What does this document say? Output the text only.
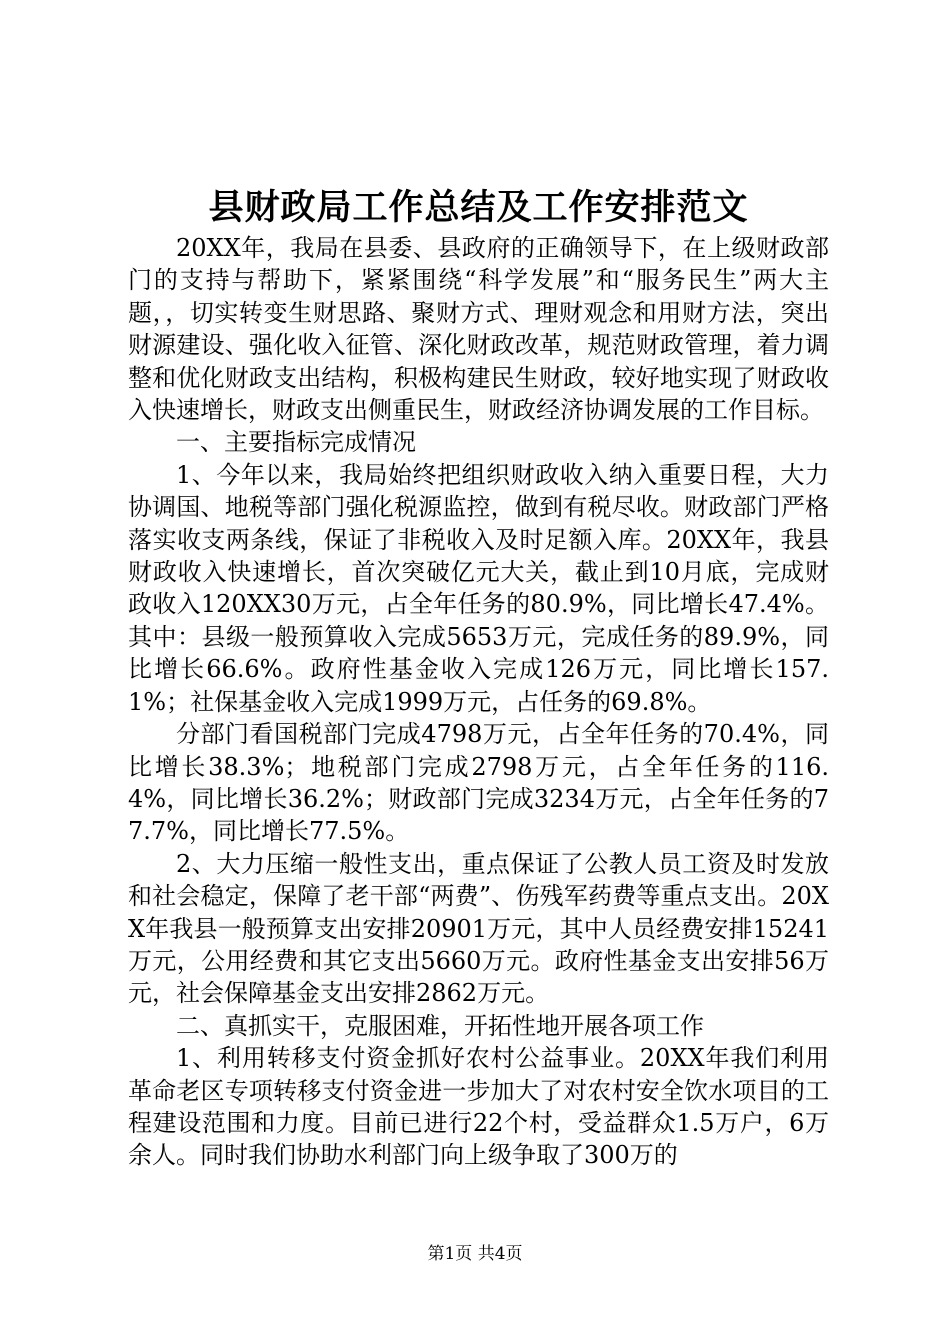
县财政局工作总结及工作安排范文

20XX年，我局在县委、县政府的正确领导下，在上级财政部门的支持与帮助下，紧紧围绕“科学发展”和“服务民生”两大主题，，切实转变生财思路、聚财方式、理财观念和用财方法，突出财源建设、强化收入征管、深化财政改革，规范财政管理，着力调整和优化财政支出结构，积极构建民生财政，较好地实现了财政收入快速增长，财政支出侧重民生，财政经济协调发展的工作目标。

一、主要指标完成情况

1、今年以来，我局始终把组织财政收入纳入重要日程，大力协调国、地税等部门强化税源监控，做到有税尽收。财政部门严格落实收支两条线，保证了非税收入及时足额入库。20XX年，我县财政收入快速增长，首次突破亿元大关，截止到10月底，完成财政收入120XX30万元，占全年任务的80.9%，同比增长47.4%。其中：县级一般预算收入完成5653万元，完成任务的89.9%，同比增长66.6%。政府性基金收入完成126万元，同比增长157.1%；社保基金收入完成1999万元，占任务的69.8%。

分部门看国税部门完成4798万元，占全年任务的70.4%，同比增长38.3%；地税部门完成2798万元，占全年任务的116.4%，同比增长36.2%；财政部门完成3234万元，占全年任务的77.7%，同比增长77.5%。

2、大力压缩一般性支出，重点保证了公教人员工资及时发放和社会稳定，保障了老干部“两费”、伤残军药费等重点支出。20XX年我县一般预算支出安排20901万元，其中人员经费安排15241万元，公用经费和其它支出5660万元。政府性基金支出安排56万元，社会保障基金支出安排2862万元。

二、真抓实干，克服困难，开拓性地开展各项工作

1、利用转移支付资金抓好农村公益事业。20XX年我们利用革命老区专项转移支付资金进一步加大了对农村安全饮水项目的工程建设范围和力度。目前已进行22个村，受益群众1.5万户，6万余人。同时我们协助水利部门向上级争取了300万的

第1页 共4页
